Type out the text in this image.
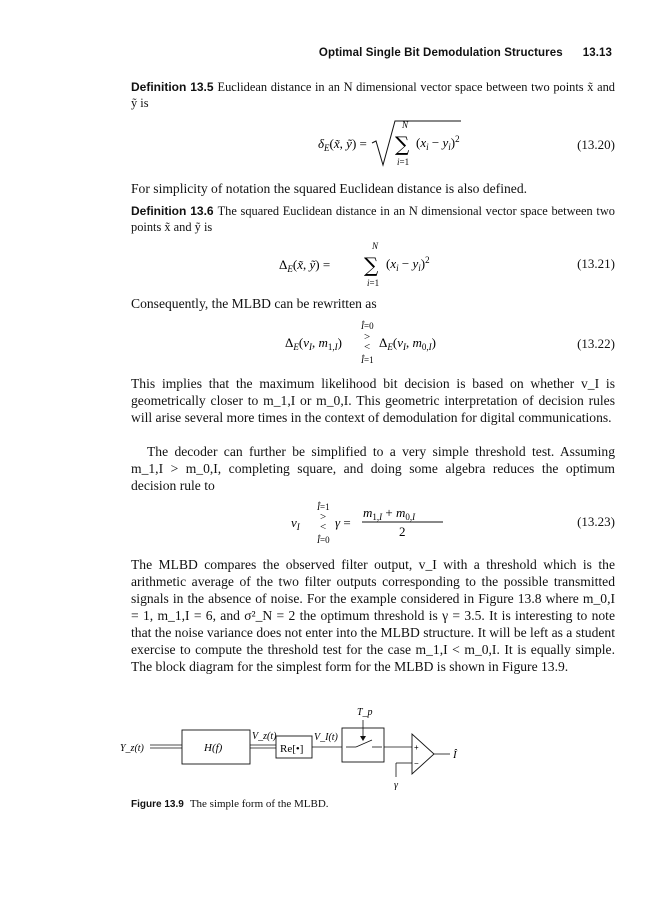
Optimal Single Bit Demodulation Structures 13.13
Definition 13.5 Euclidean distance in an N dimensional vector space between two points x̃ and ỹ is
$\delta_E(x̃$, ỹ) =
N
∑ $(x_i - y_i)^2$
i=1
(13.20)
For simplicity of notation the squared Euclidean distance is also defined.
Definition 13.6 The squared Euclidean distance in an N dimensional vector space between two points x̃ and ỹ is
$\Delta_E(x̃$, ỹ) =
N
∑ $(x_i - y_i)^2$
i=1
(13.21)
Consequently, the MLBD can be rewritten as
$\Delta_E(v_I$, $m_{1,}I$)
Î=0
>
<
Î=1
$\Delta_E(v_I$, $m_{0,}I$)	(13.22)
This implies that the maximum likelihood bit decision is based on whether v_I is geometrically closer to m_1,I or m_0,I. This geometric interpretation of decision rules will arise several more times in the context of demodulation for digital communications.
The decoder can further be simplified to a very simple threshold test. Assuming m_1,I > m_0,I, completing square, and doing some algebra reduces the optimum decision rule to
Î=1
>
$v_I < \gamma$ =
Î=0
$m_{1,}I + m_{0,}I$
2
(13.23)
The MLBD compares the observed filter output, v_I with a threshold which is the arithmetic average of the two filter outputs corresponding to the possible transmitted signals in the absence of noise. For the example considered in Figure 13.8 where m_0,I = 1, m_1,I = 6, and σ²_N = 2 the optimum threshold is γ = 3.5. It is interesting to note that the noise variance does not enter into the MLBD structure. It will be left as a student exercise to compute the threshold test for the case m_1,I < m_0,I. It is equally simple. The block diagram for the simplest form for the MLBD is shown in Figure 13.9.
Y_z(t)	H(f)
V_z(t)
Re[•]
V_I(t)
T_p
+
−
γ
Î
Figure 13.9 The simple form of the MLBD.
